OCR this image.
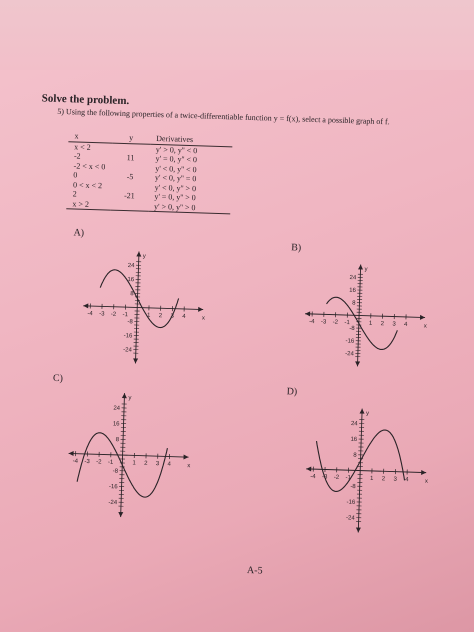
Solve the problem.
5) Using the following properties of a twice-differentiable function y = f(x), select a possible graph of f.
x	y	Derivatives
x < 2		y' > 0, y'' < 0
-2	11	y' = 0, y'' < 0
-2 < x < 0		y' < 0, y'' < 0
0	-5	y' < 0, y'' = 0
0 < x < 2		y' < 0, y'' > 0
2	-21	y' = 0, y'' > 0
x > 2		y' > 0, y'' > 0
A)
B)
C)
D)
-4 -3 -2 -1	1 2 3 4
24
16
8
-8
-16
-24
x
y
-4 -3 -2 -1	1 2 3 4
24
16
8
-8
-16
-24
x
y
-4 -3 -2 -1	1 2 3 4
24
16
8
-8
-16
-24
x
y
-4 -3 -2 -1	1 2 3 4
24
16
8
-8
-16
-24
x
y
A-5
